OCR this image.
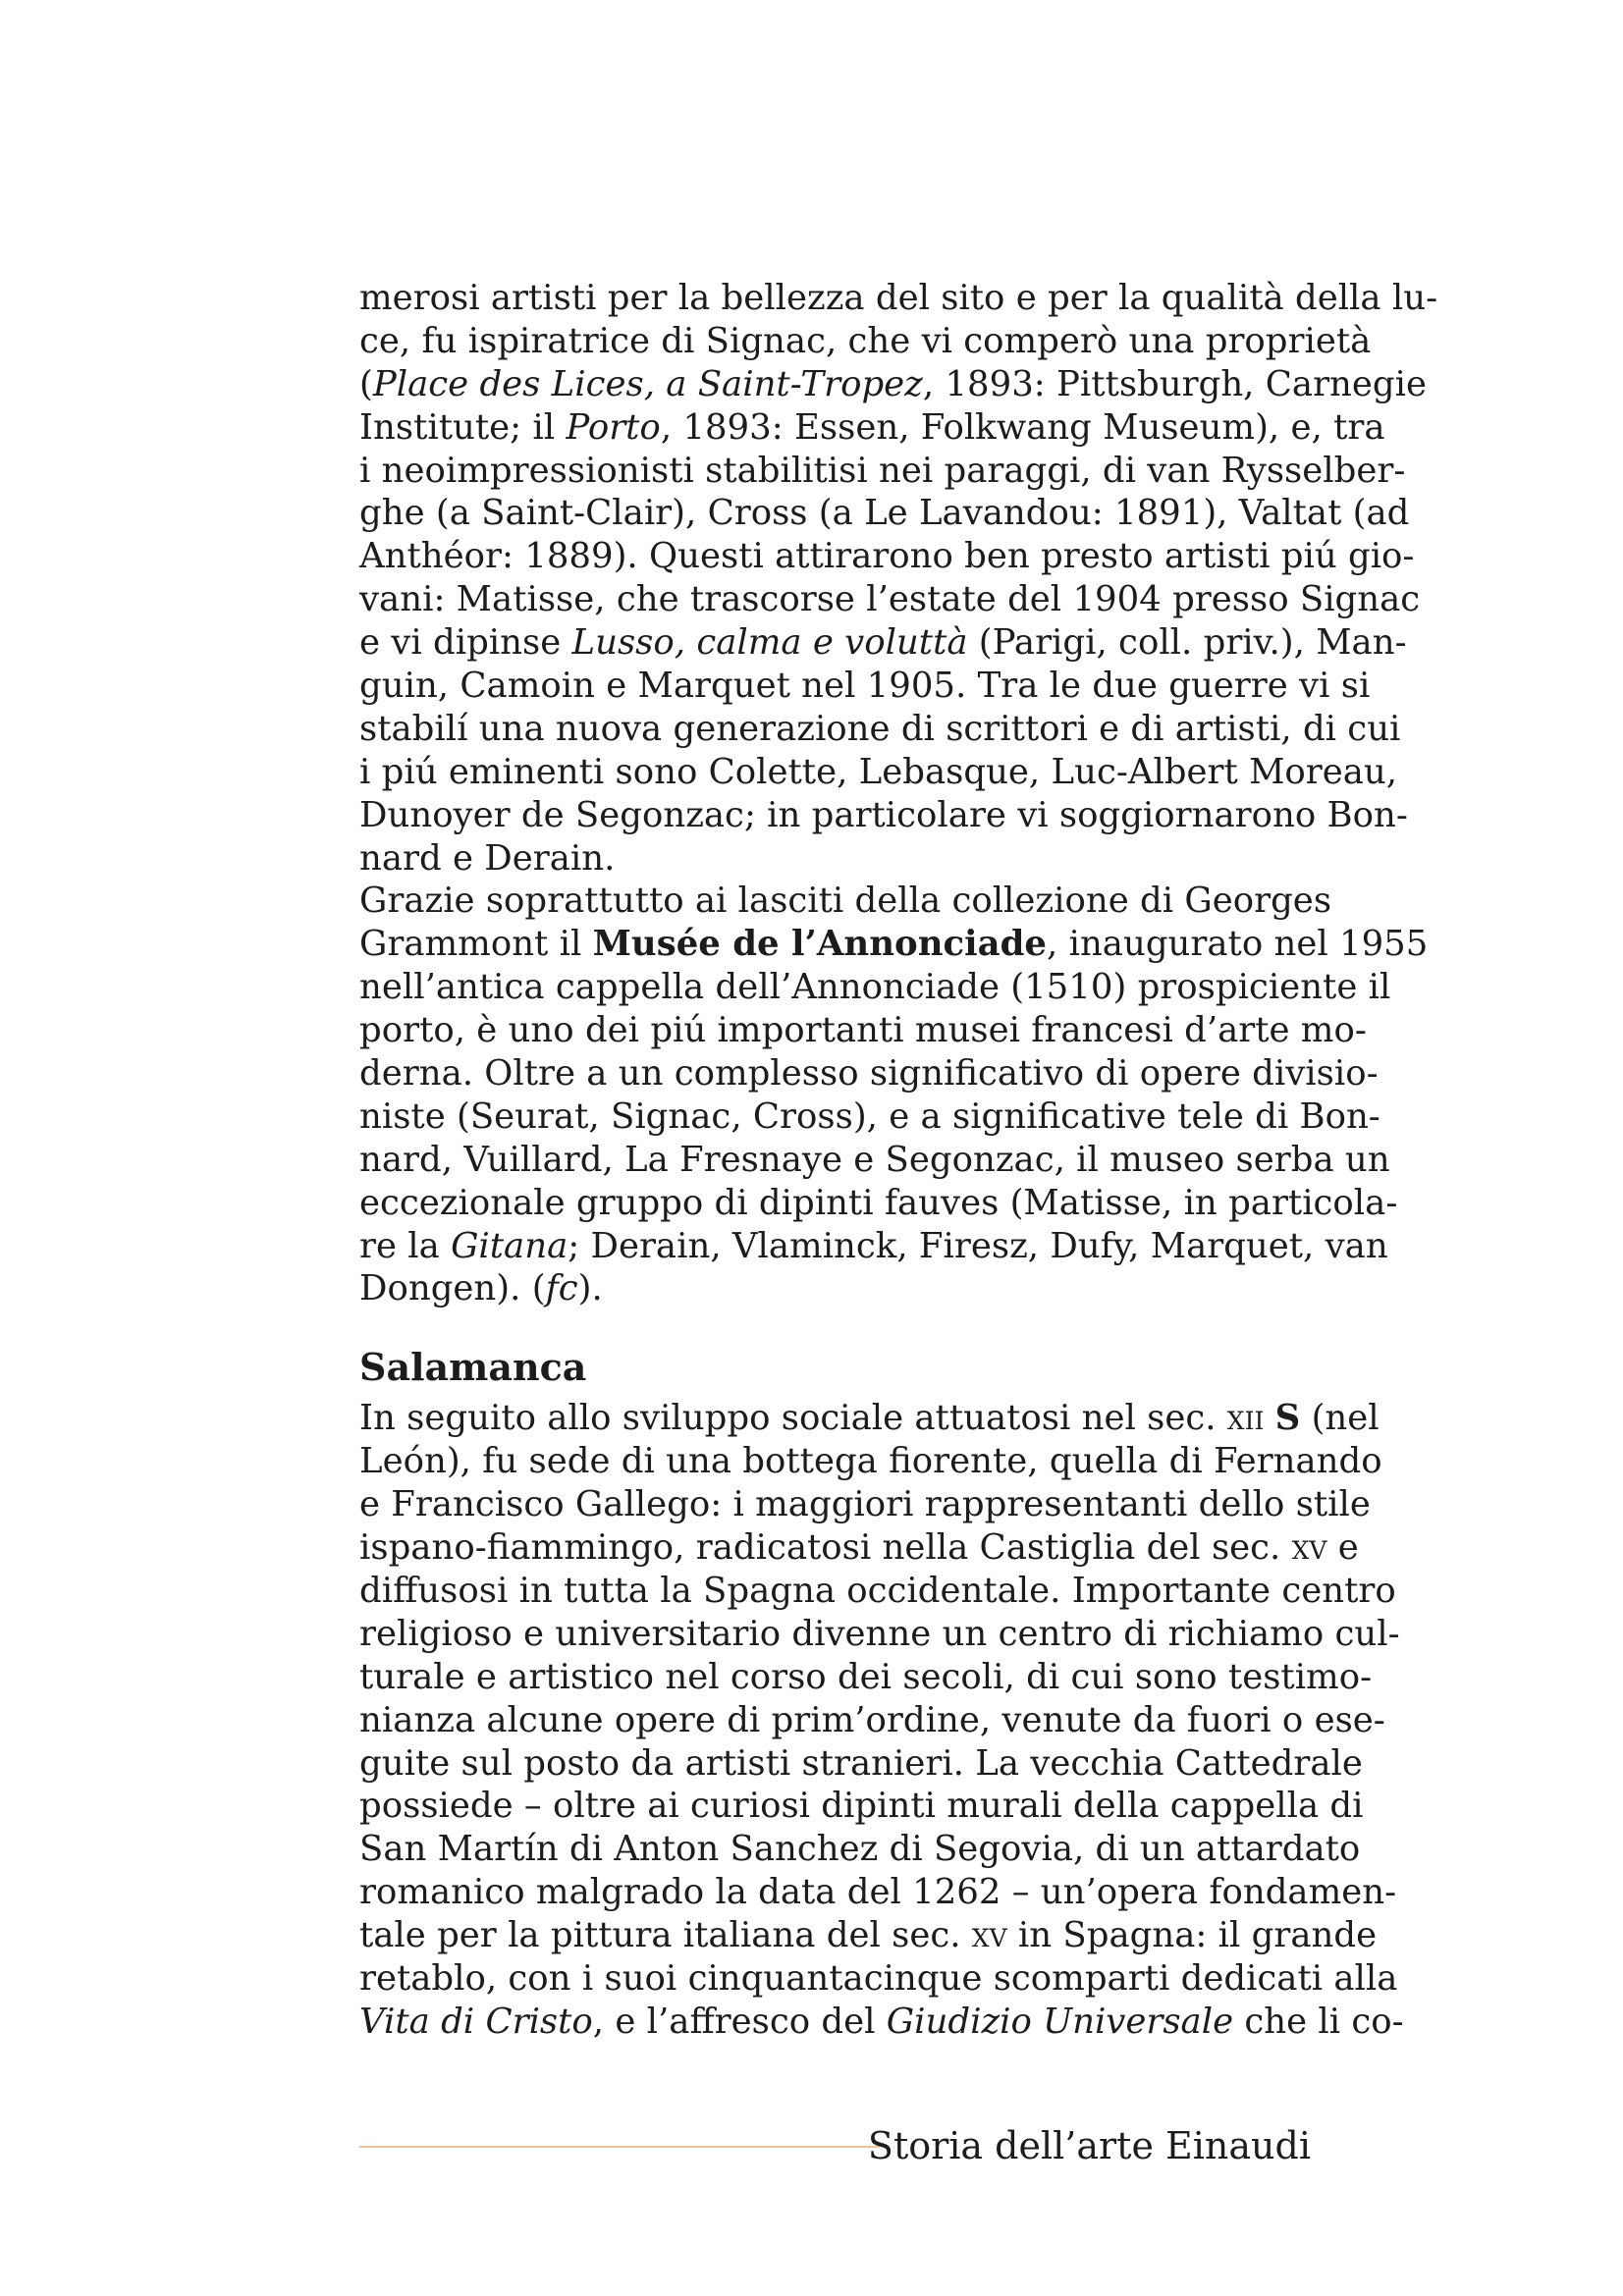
merosi artisti per la bellezza del sito e per la qualità della lu-
ce, fu ispiratrice di Signac, che vi comperò una proprietà
(Place des Lices, a Saint-Tropez, 1893: Pittsburgh, Carnegie
Institute; il Porto, 1893: Essen, Folkwang Museum), e, tra
i neoimpressionisti stabilitisi nei paraggi, di van Rysselber-
ghe (a Saint-Clair), Cross (a Le Lavandou: 1891), Valtat (ad
Anthéor: 1889). Questi attirarono ben presto artisti piú gio-
vani: Matisse, che trascorse l’estate del 1904 presso Signac
e vi dipinse Lusso, calma e voluttà (Parigi, coll. priv.), Man-
guin, Camoin e Marquet nel 1905. Tra le due guerre vi si
stabilí una nuova generazione di scrittori e di artisti, di cui
i piú eminenti sono Colette, Lebasque, Luc-Albert Moreau,
Dunoyer de Segonzac; in particolare vi soggiornarono Bon-
nard e Derain.
Grazie soprattutto ai lasciti della collezione di Georges
Grammont il Musée de l’Annonciade, inaugurato nel 1955
nell’antica cappella dell’Annonciade (1510) prospiciente il
porto, è uno dei piú importanti musei francesi d’arte mo-
derna. Oltre a un complesso significativo di opere divisio-
niste (Seurat, Signac, Cross), e a significative tele di Bon-
nard, Vuillard, La Fresnaye e Segonzac, il museo serba un
eccezionale gruppo di dipinti fauves (Matisse, in particola-
re la Gitana; Derain, Vlaminck, Firesz, Dufy, Marquet, van
Dongen). (fc).
Salamanca
In seguito allo sviluppo sociale attuatosi nel sec. xii S (nel
León), fu sede di una bottega fiorente, quella di Fernando
e Francisco Gallego: i maggiori rappresentanti dello stile
ispano-fiammingo, radicatosi nella Castiglia del sec. xv e
diffusosi in tutta la Spagna occidentale. Importante centro
religioso e universitario divenne un centro di richiamo cul-
turale e artistico nel corso dei secoli, di cui sono testimo-
nianza alcune opere di prim’ordine, venute da fuori o ese-
guite sul posto da artisti stranieri. La vecchia Cattedrale
possiede – oltre ai curiosi dipinti murali della cappella di
San Martín di Anton Sanchez di Segovia, di un attardato
romanico malgrado la data del 1262 – un’opera fondamen-
tale per la pittura italiana del sec. xv in Spagna: il grande
retablo, con i suoi cinquantacinque scomparti dedicati alla
Vita di Cristo, e l’affresco del Giudizio Universale che li co-
Storia dell’arte Einaudi
